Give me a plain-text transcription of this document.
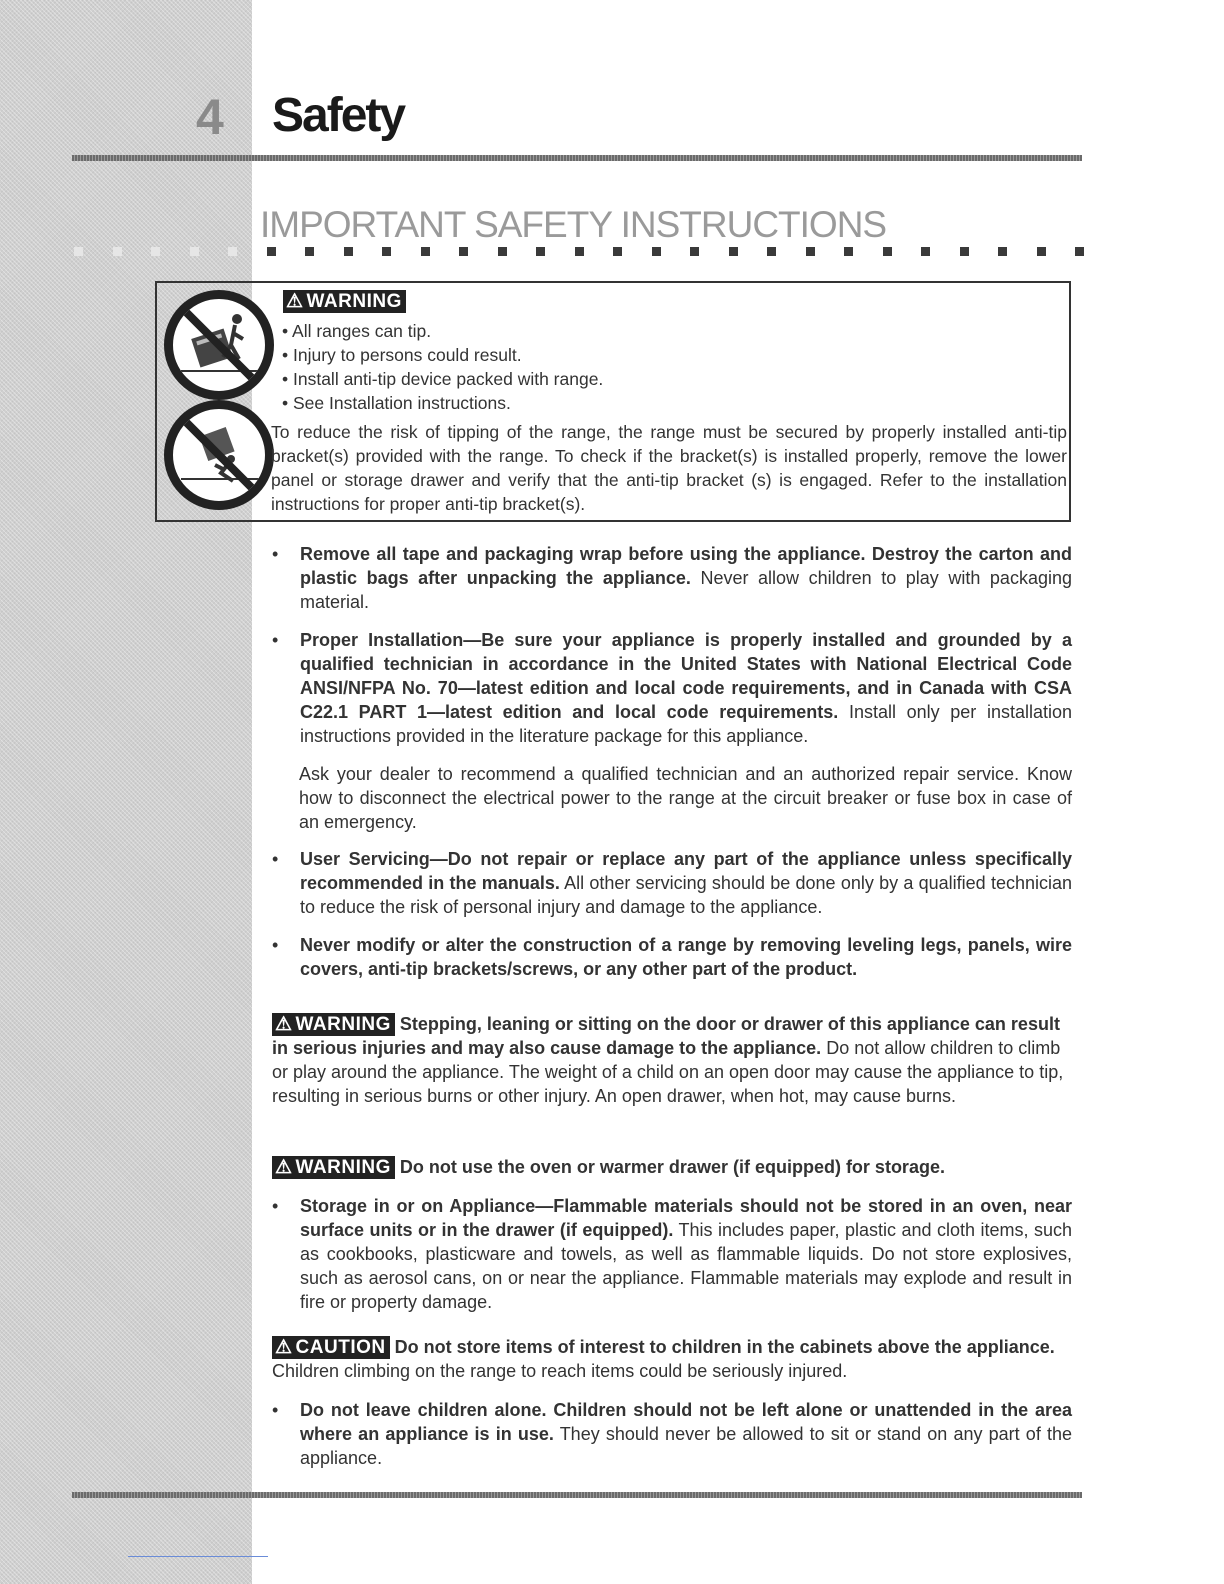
4 Safety
IMPORTANT SAFETY INSTRUCTIONS
⚠ WARNING
• All ranges can tip.
• Injury to persons could result.
• Install anti-tip device packed with range.
• See Installation instructions.
To reduce the risk of tipping of the range, the range must be secured by properly installed anti-tip bracket(s) provided with the range. To check if the bracket(s) is installed properly, remove the lower panel or storage drawer and verify that the anti-tip bracket (s) is engaged. Refer to the installation instructions for proper anti-tip bracket(s).
• Remove all tape and packaging wrap before using the appliance. Destroy the carton and plastic bags after unpacking the appliance. Never allow children to play with packaging material.
• Proper Installation—Be sure your appliance is properly installed and grounded by a qualified technician in accordance in the United States with National Electrical Code ANSI/NFPA No. 70—latest edition and local code requirements, and in Canada with CSA C22.1 PART 1—latest edition and local code requirements. Install only per installation instructions provided in the literature package for this appliance.
Ask your dealer to recommend a qualified technician and an authorized repair service. Know how to disconnect the electrical power to the range at the circuit breaker or fuse box in case of an emergency.
• User Servicing—Do not repair or replace any part of the appliance unless specifically recommended in the manuals. All other servicing should be done only by a qualified technician to reduce the risk of personal injury and damage to the appliance.
• Never modify or alter the construction of a range by removing leveling legs, panels, wire covers, anti-tip brackets/screws, or any other part of the product.
⚠ WARNING Stepping, leaning or sitting on the door or drawer of this appliance can result in serious injuries and may also cause damage to the appliance. Do not allow children to climb or play around the appliance. The weight of a child on an open door may cause the appliance to tip, resulting in serious burns or other injury. An open drawer, when hot, may cause burns.
⚠ WARNING Do not use the oven or warmer drawer (if equipped) for storage.
• Storage in or on Appliance—Flammable materials should not be stored in an oven, near surface units or in the drawer (if equipped). This includes paper, plastic and cloth items, such as cookbooks, plasticware and towels, as well as flammable liquids. Do not store explosives, such as aerosol cans, on or near the appliance. Flammable materials may explode and result in fire or property damage.
⚠ CAUTION Do not store items of interest to children in the cabinets above the appliance. Children climbing on the range to reach items could be seriously injured.
• Do not leave children alone. Children should not be left alone or unattended in the area where an appliance is in use. They should never be allowed to sit or stand on any part of the appliance.
